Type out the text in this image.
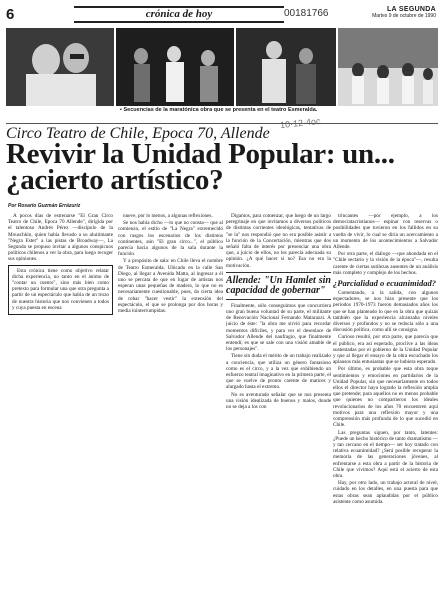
6	crónica de hoy	00181766	LA SEGUNDA
Martes 9 de octubre de 1990
▪ Secuencias de la maratónica obra que se presenta en el teatro Esmeralda.
10·12·4oc
Circo Teatro de Chile, Epoca 70, Allende
Revivir la Unidad Popular: un... ¿acierto artístico?
Por Rosario Guzmán Errázuriz

A pocos días de estrenarse "El Gran Circo Teatro de Chile, Epoca 70 Allende", dirigida por el talentoso Andrés Pérez —discípulo de la Mouschkin, quien había llevado a su aluitimante "Negra Ester" a las pistas de Broadway—, La Segunda se propuso invitar a algunos conspicuos políticos chilenos a ver la obra, para luego recoger sus opiniones.

Esta crónica tiene como objetivo relatar dicha experiencia, no tanto en el ánimo de "contar un cuento", sino más bien como pretexto para formular una que otra pregunta a partir de un espectáculo que habla de un trozo de nuestra historia que nos convienen a todos y cuya puesta en escena

nueve, por lo menos, a algunas reflexiones.

Se nos había dicho —lo que no consta— que al comienzo, el estilo de "La Negra" extremecidó con rasgos los escenarios de los distintos continentes, aún "El gran circo...", el público parecía hacia algunos de la sala durante la función.

Y a propósito de sala: en Chile lleva el nombre de Teatro Esmeralda. Ubicado en la calle San Diego, al llegar a Avenida Matta, al ingresar a él uno se percata de que en lugar de artistas nos esperan unas pequeñas de madera, lo que no es necesariamente cuestionable, pues, da cierta idea de robar "hacer vestir" la extensión del espectáculo, el que se prolonga por dos horas y media ininterrumpidas.

Digamos, para comenzar, que luego de un largo peregrinaje en que invitamos a diversos políticos de distintas corrientes ideológicas, tentativas de "se la" nos respondió que no era posible asistir a la función de la Concertación, mientras que dos señaló falta de interés por presenciar una obra que, a juicio de ellos, no les parecía adecuada su opinión. ¿A qué hacer si no? Esa no era la motivación.

Allende: "Un Hamlet sin capacidad de gobernar"

Finalmente, sólo conseguimos que concurriera uno gran buena voluntad de su parte, el militante de Renovación Nacional Fernando Matarazzi. A juicio de éste: "la obra me sirvió para recordar momentos difíciles, y para ver el desenlace de Salvador Allende del naufragio, que finalmente entendí; es que se sale con una visión amable de los personajes".

Tiene sin duda el mérito de un trabajo realizado a conciencia, que utiliza un género fantasioso como es el circo, y a la vez que exhibiendo un esfuerzo teatral imaginativo en la primera parte, el que se vuelve de pronto carente de matices y alargado hasta el extremo.

No es aventurado señalar que se nos presenta una visión idealizada de buenos y malos, donde no se deja a los con

trincantes —por ejemplo, a los democratacristianos— espinar con reservas o posibilidades que tuvieron en los fallidos en su vuelta de vivir, lo cual se diría un acercamiento a un momento de los acontecimientos a Salvador Allende.

Por otra parte, el diálogo —que ahondada en el "Chile sectario y la visión de la época"—, resulta carente de ciertas sutilezas ausentes de un análisis más completo y complejo de los hechos.

¿Parcialidad o ecuanimidad?

Comentando, a la salida, con algunos espectadores, se nos hizo presente que los periodos 1970-1973 fueron demasiados años los que se han planteado lo que en la obra que quizás también que la experiencia alcanzaba niveles diversos y profundos y no se reducía sólo a una discusión política, como allí se consigna.

Curioso resultó, por otra parte, que parecía que el público, era así esperado, proclive a las ideas sustentadas por el gobierno de la Unidad Popular y que al llegar el ensayo de la obra escuchado los aplausos más entusiastas que se hubiera esperado.

Por último, es probable que esta obra toque sentimientos y emociones en partidarios de la Unidad Popular, sin que necesariamente en todos ellos el director haya logrado la reflexión amplia que pretende; para aquellos no es menos probable que quienes no compartieron los ideales revolucionarios de los años 70 encuentren aquí motivos para una reflexión mayor y una comprensión más profunda de lo que sucedió en Chile.

Las preguntas siguen, por tanto, latentes: ¿Puede un hecho histórico de tanto dramatismo —y tan cercano en el tiempo— ser hoy tratado con relativa ecuanimidad? ¿Será posible recuperar la memoria de las generaciones jóvenes, al enfrentarse a esta obra a partir de la historia de Chile que vivimos? Aquí está el acierto de esta obra.

Hay, por otro lado, un trabajo actoral de nivel, cuidado en los detalles, en una puesta para que estas obras sean aplaudidas por el público asistente como asumida.
